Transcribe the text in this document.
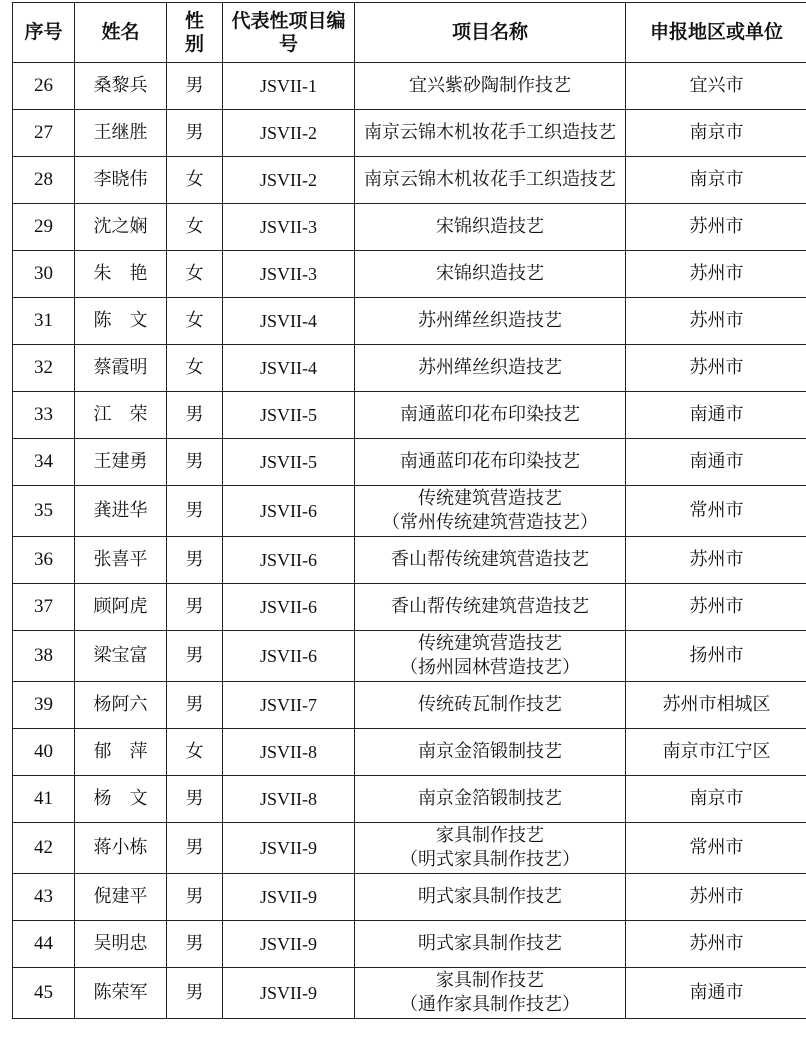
序号	姓名	性别	代表性项目编号	项目名称	申报地区或单位
26	桑黎兵	男	JSVII-1	宜兴紫砂陶制作技艺	宜兴市
27	王继胜	男	JSVII-2	南京云锦木机妆花手工织造技艺	南京市
28	李晓伟	女	JSVII-2	南京云锦木机妆花手工织造技艺	南京市
29	沈之娴	女	JSVII-3	宋锦织造技艺	苏州市
30	朱　艳	女	JSVII-3	宋锦织造技艺	苏州市
31	陈　文	女	JSVII-4	苏州缂丝织造技艺	苏州市
32	蔡霞明	女	JSVII-4	苏州缂丝织造技艺	苏州市
33	江　荣	男	JSVII-5	南通蓝印花布印染技艺	南通市
34	王建勇	男	JSVII-5	南通蓝印花布印染技艺	南通市
35	龚进华	男	JSVII-6	传统建筑营造技艺
（常州传统建筑营造技艺）	常州市
36	张喜平	男	JSVII-6	香山帮传统建筑营造技艺	苏州市
37	顾阿虎	男	JSVII-6	香山帮传统建筑营造技艺	苏州市
38	梁宝富	男	JSVII-6	传统建筑营造技艺
（扬州园林营造技艺）	扬州市
39	杨阿六	男	JSVII-7	传统砖瓦制作技艺	苏州市相城区
40	郁　萍	女	JSVII-8	南京金箔锻制技艺	南京市江宁区
41	杨　文	男	JSVII-8	南京金箔锻制技艺	南京市
42	蒋小栋	男	JSVII-9	家具制作技艺
（明式家具制作技艺）	常州市
43	倪建平	男	JSVII-9	明式家具制作技艺	苏州市
44	吴明忠	男	JSVII-9	明式家具制作技艺	苏州市
45	陈荣军	男	JSVII-9	家具制作技艺
（通作家具制作技艺）	南通市
